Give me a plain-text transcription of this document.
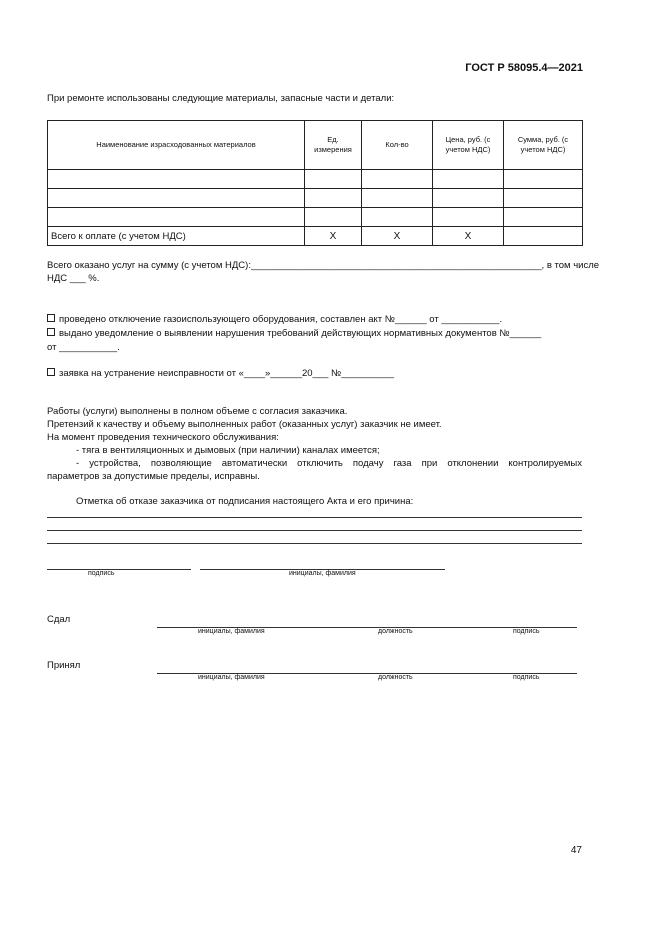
ГОСТ Р 58095.4—2021
При ремонте использованы следующие материалы, запасные части и детали:
Наименование израсходованных материалов	Ед. измерения	Кол-во	Цена, руб. (с учетом НДС)	Сумма, руб. (с учетом НДС)

Всего к оплате (с учетом НДС)	X	X	X	
Всего оказано услуг на сумму (с учетом НДС):_______________________________________________________, в том числе
НДС ___ %.
проведено отключение газоиспользующего оборудования, составлен акт №______ от ___________.
выдано уведомление о выявлении нарушения требований действующих нормативных документов №______
от ___________.
заявка на устранение неисправности от «____»______20___ №__________
Работы (услуги) выполнены в полном объеме с согласия заказчика.
Претензий к качеству и объему выполненных работ (оказанных услуг) заказчик не имеет.
На момент проведения технического обслуживания:
- тяга в вентиляционных и дымовых (при наличии) каналах имеется;
- устройства, позволяющие автоматически отключить подачу газа при отклонении контролируемых
параметров за допустимые пределы, исправны.
Отметка об отказе заказчика от подписания настоящего Акта и его причина:
подпись	инициалы, фамилия
Сдал
инициалы, фамилия	должность	подпись
Принял
инициалы, фамилия	должность	подпись
47
